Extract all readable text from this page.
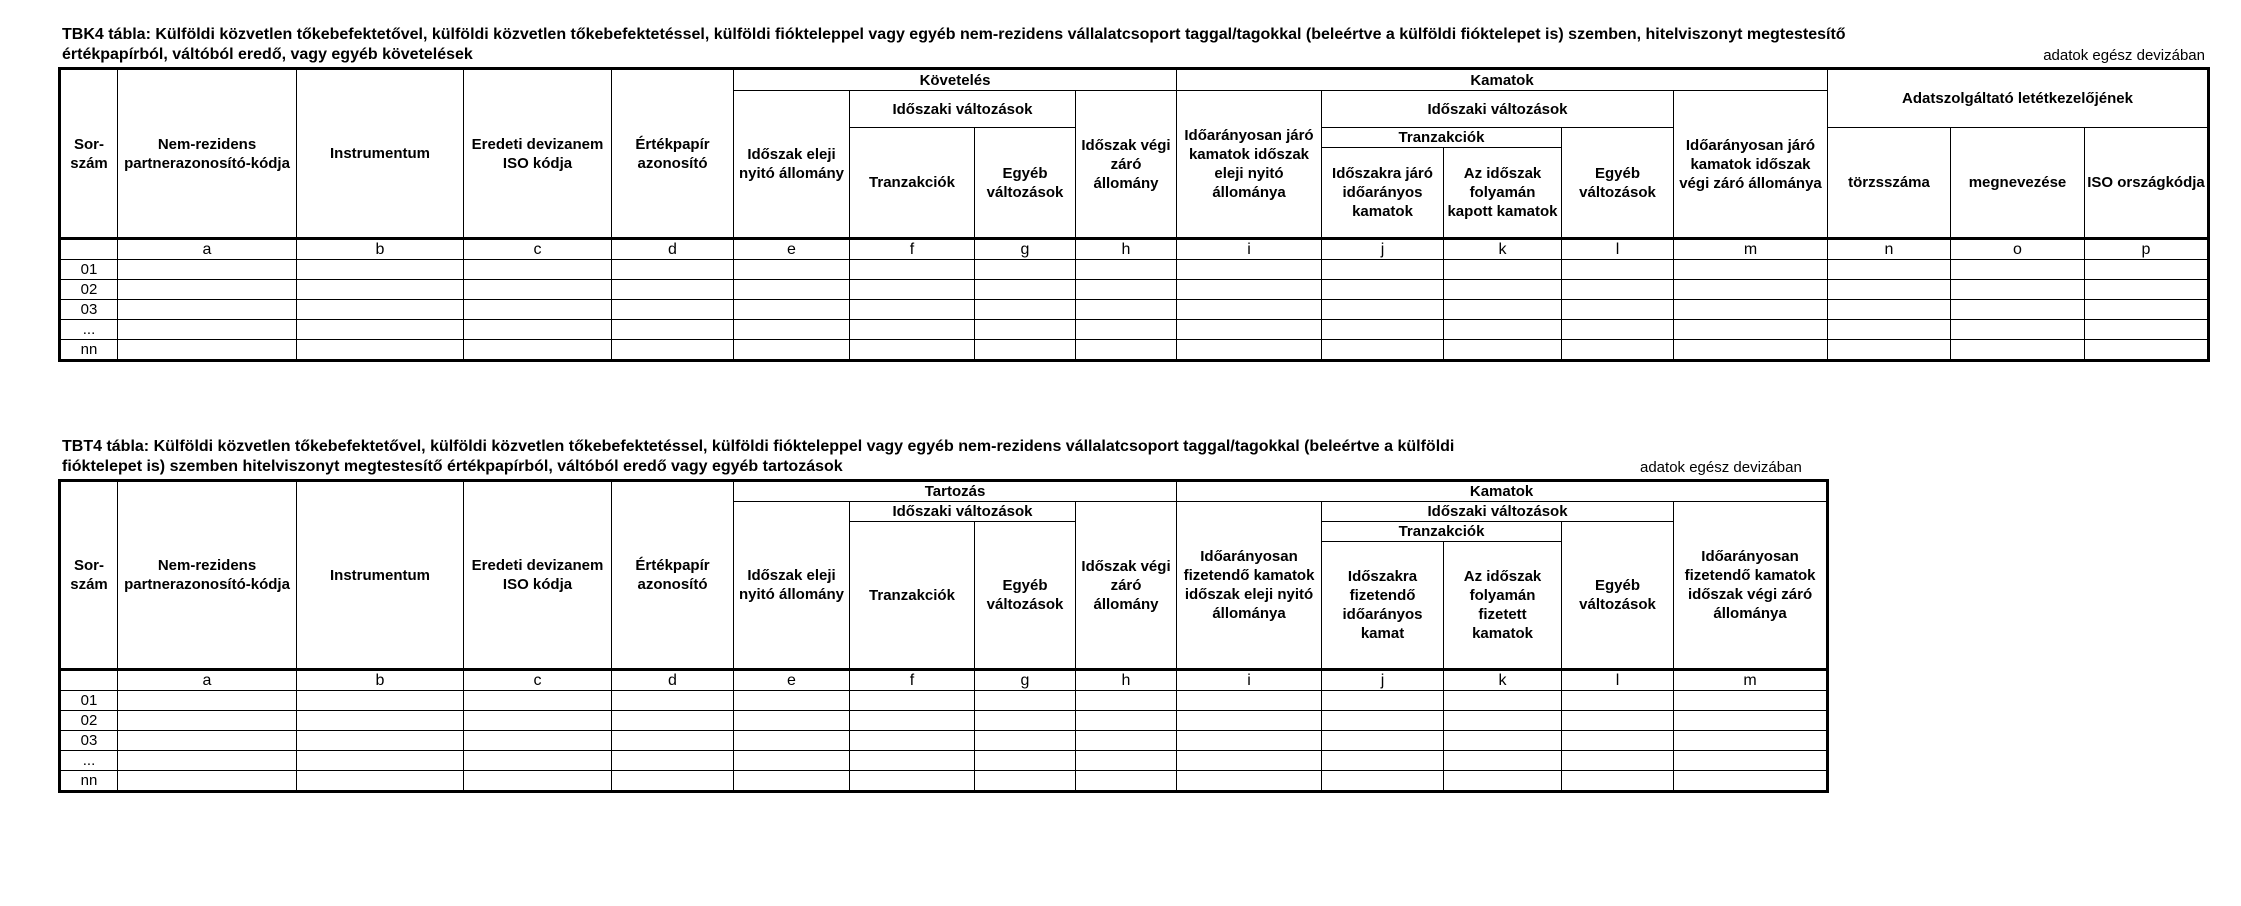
TBK4 tábla: Külföldi közvetlen tőkebefektetővel, külföldi közvetlen tőkebefektetéssel, külföldi fiókteleppel vagy egyéb nem-rezidens vállalatcsoport taggal/tagokkal (beleértve a külföldi fióktelepet is) szemben, hitelviszonyt megtestesítő
értékpapírból, váltóból eredő, vagy egyéb követelések	adatok egész devizában
Sor-szám	Nem-rezidens partnerazonosító-kódja	Instrumentum	Eredeti devizanem ISO kódja	Értékpapír azonosító	Követelés				Kamatok					Adatszolgáltató letétkezelőjének		
					Időszak eleji nyitó állomány	Időszaki változások		Időszak végi záró állomány	Időarányosan járó kamatok időszak eleji nyitó állománya	Időszaki változások			Időarányosan járó kamatok időszak végi záró állománya			
						Tranzakciók	Egyéb változások			Tranzakciók		Egyéb változások		törzsszáma	megnevezése	ISO országkódja
										Időszakra járó időarányos kamatok	Az időszak folyamán kapott kamatok					
	a	b	c	d	e	f	g	h	i	j	k	l	m	n	o	p
01																
02																
03																
...																
nn																
TBT4 tábla: Külföldi közvetlen tőkebefektetővel, külföldi közvetlen tőkebefektetéssel, külföldi fiókteleppel vagy egyéb nem-rezidens vállalatcsoport taggal/tagokkal (beleértve a külföldi
fióktelepet is) szemben hitelviszonyt megtestesítő értékpapírból, váltóból eredő vagy egyéb tartozások	adatok egész devizában
Sor-szám	Nem-rezidens partnerazonosító-kódja	Instrumentum	Eredeti devizanem ISO kódja	Értékpapír azonosító	Tartozás				Kamatok				
					Időszak eleji nyitó állomány	Időszaki változások		Időszak végi záró állomány	Időarányosan fizetendő kamatok időszak eleji nyitó állománya	Időszaki változások			Időarányosan fizetendő kamatok időszak végi záró állománya
						Tranzakciók	Egyéb változások			Tranzakciók		Egyéb változások	
										Időszakra fizetendő időarányos kamat	Az időszak folyamán fizetett kamatok		
	a	b	c	d	e	f	g	h	i	j	k	l	m
01													
02													
03													
...													
nn													
